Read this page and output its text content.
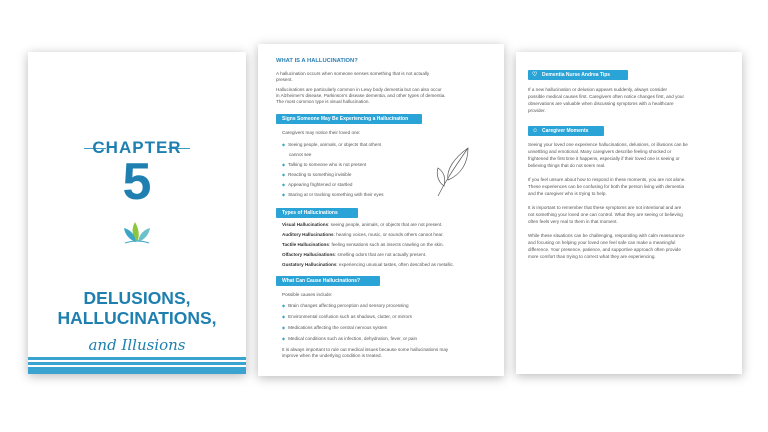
CHAPTER
5
DELUSIONS,
HALLUCINATIONS,
and Illusions
WHAT IS A HALLUCINATION?
A hallucination occurs when someone senses something that is not actually
present.
Hallucinations are particularly common in Lewy body dementia but can also occur
in Alzheimer's disease, Parkinson's disease dementia, and other types of dementia.
The most common type is visual hallucination.
Signs Someone May Be Experiencing a Hallucination
Caregivers may notice their loved one:
◆ Seeing people, animals, or objects that others
cannot see
◆ Talking to someone who is not present
◆ Reacting to something invisible
◆ Appearing frightened or startled
◆ Staring at or tracking something with their eyes
Types of Hallucinations
Visual Hallucinations: seeing people, animals, or objects that are not present.
Auditory Hallucinations: hearing voices, music, or sounds others cannot hear.
Tactile Hallucinations: feeling sensations such as insects crawling on the skin.
Olfactory Hallucinations: smelling odors that are not actually present.
Gustatory Hallucinations: experiencing unusual tastes, often described as metallic.
What Can Cause Hallucinations?
Possible causes include:
◆ Brain changes affecting perception and sensory processing
◆ Environmental confusion such as shadows, clutter, or mirrors
◆ Medications affecting the central nervous system
◆ Medical conditions such as infection, dehydration, fever, or pain
It is always important to rule out medical issues because some hallucinations may
improve when the underlying condition is treated.
♡ Dementia Nurse Andrea Tips
If a new hallucination or delusion appears suddenly, always consider
possible medical causes first. Caregivers often notice changes first, and your
observations are valuable when discussing symptoms with a healthcare
provider.
☺ Caregiver Moments
Seeing your loved one experience hallucinations, delusions, or illusions can be
unsettling and emotional. Many caregivers describe feeling shocked or
frightened the first time it happens, especially if their loved one is seeing or
believing things that do not seem real.
If you feel unsure about how to respond in these moments, you are not alone.
These experiences can be confusing for both the person living with dementia
and the caregiver who is trying to help.
It is important to remember that these symptoms are not intentional and are
not something your loved one can control. What they are seeing or believing
often feels very real to them in that moment.
While these situations can be challenging, responding with calm reassurance
and focusing on helping your loved one feel safe can make a meaningful
difference. Your presence, patience, and supportive approach often provide
more comfort than trying to correct what they are experiencing.
